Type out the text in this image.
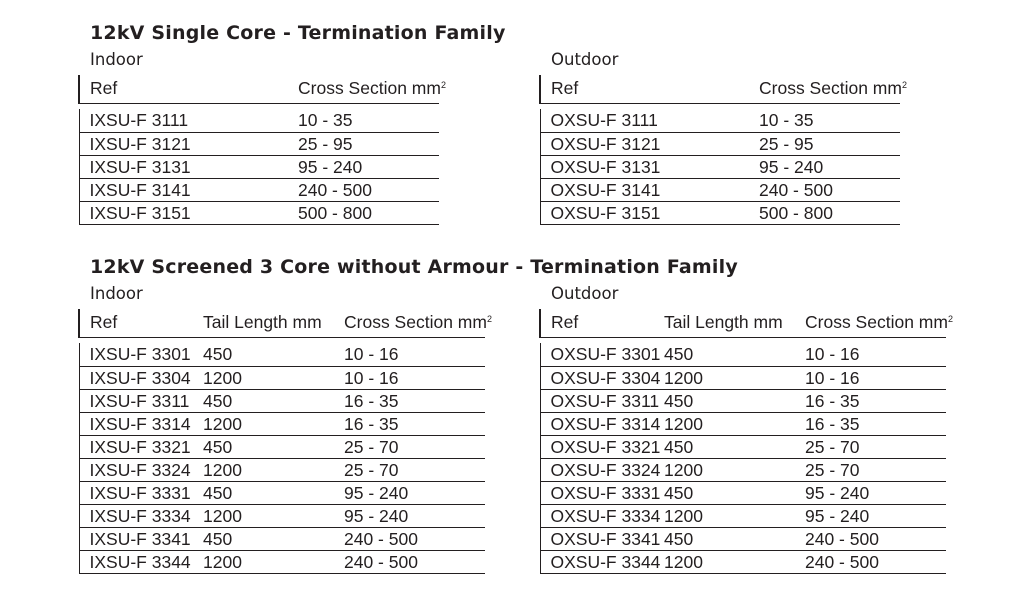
12kV Single Core - Termination Family
Indoor
Ref	Cross Section $mm^2$

IXSU-F 3111	10 - 35
IXSU-F 3121	25 - 95
IXSU-F 3131	95 - 240
IXSU-F 3141	240 - 500
IXSU-F 3151	500 - 800
Outdoor
Ref	Cross Section $mm^2$

OXSU-F 3111	10 - 35
OXSU-F 3121	25 - 95
OXSU-F 3131	95 - 240
OXSU-F 3141	240 - 500
OXSU-F 3151	500 - 800
12kV Screened 3 Core without Armour - Termination Family
Indoor
Ref	Tail Length mm	Cross Section $mm^2$

IXSU-F 3301	450	10 - 16
IXSU-F 3304	1200	10 - 16
IXSU-F 3311	450	16 - 35
IXSU-F 3314	1200	16 - 35
IXSU-F 3321	450	25 - 70
IXSU-F 3324	1200	25 - 70
IXSU-F 3331	450	95 - 240
IXSU-F 3334	1200	95 - 240
IXSU-F 3341	450	240 - 500
IXSU-F 3344	1200	240 - 500
Outdoor
Ref	Tail Length mm	Cross Section $mm^2$

OXSU-F 3301	450	10 - 16
OXSU-F 3304	1200	10 - 16
OXSU-F 3311	450	16 - 35
OXSU-F 3314	1200	16 - 35
OXSU-F 3321	450	25 - 70
OXSU-F 3324	1200	25 - 70
OXSU-F 3331	450	95 - 240
OXSU-F 3334	1200	95 - 240
OXSU-F 3341	450	240 - 500
OXSU-F 3344	1200	240 - 500
